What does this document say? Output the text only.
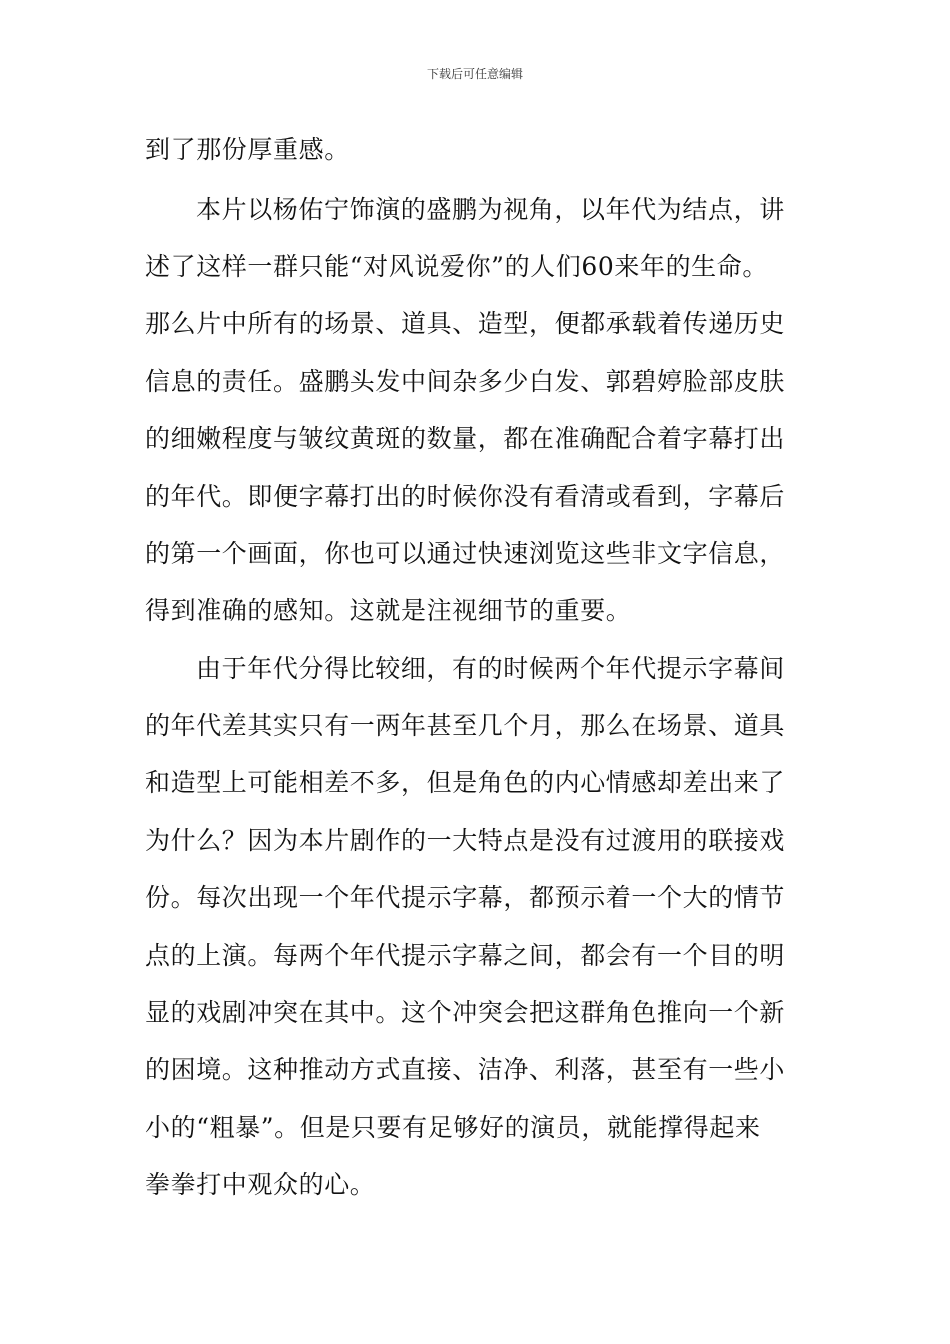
下载后可任意编辑
到了那份厚重感。
本片以杨佑宁饰演的盛鹏为视角，以年代为结点，讲
述了这样一群只能“对风说爱你”的人们60来年的生命。
那么片中所有的场景、道具、造型，便都承载着传递历史
信息的责任。盛鹏头发中间杂多少白发、郭碧婷脸部皮肤
的细嫩程度与皱纹黄斑的数量，都在准确配合着字幕打出
的年代。即便字幕打出的时候你没有看清或看到，字幕后
的第一个画面，你也可以通过快速浏览这些非文字信息，
得到准确的感知。这就是注视细节的重要。
由于年代分得比较细，有的时候两个年代提示字幕间
的年代差其实只有一两年甚至几个月，那么在场景、道具
和造型上可能相差不多，但是角色的内心情感却差出来了
为什么？因为本片剧作的一大特点是没有过渡用的联接戏
份。每次出现一个年代提示字幕，都预示着一个大的情节
点的上演。每两个年代提示字幕之间，都会有一个目的明
显的戏剧冲突在其中。这个冲突会把这群角色推向一个新
的困境。这种推动方式直接、洁净、利落，甚至有一些小
小的“粗暴”。但是只要有足够好的演员，就能撑得起来
拳拳打中观众的心。
